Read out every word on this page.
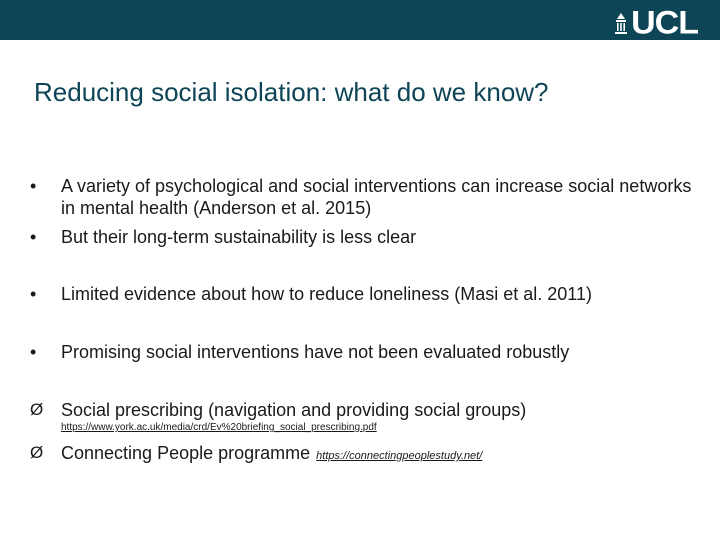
UCL
Reducing social isolation: what do we know?
•	A variety of psychological and social interventions can increase social networks in mental health (Anderson et al. 2015)
•	But their long-term sustainability is less clear
•	Limited evidence about how to reduce loneliness (Masi et al. 2011)
•	Promising social interventions have not been evaluated robustly
Ø Social prescribing (navigation and providing social groups)
Ø Connecting People programme https://connectingpeoplestudy.net/
https://www.york.ac.uk/media/crd/Ev%20briefing_social_prescribing.pdf
